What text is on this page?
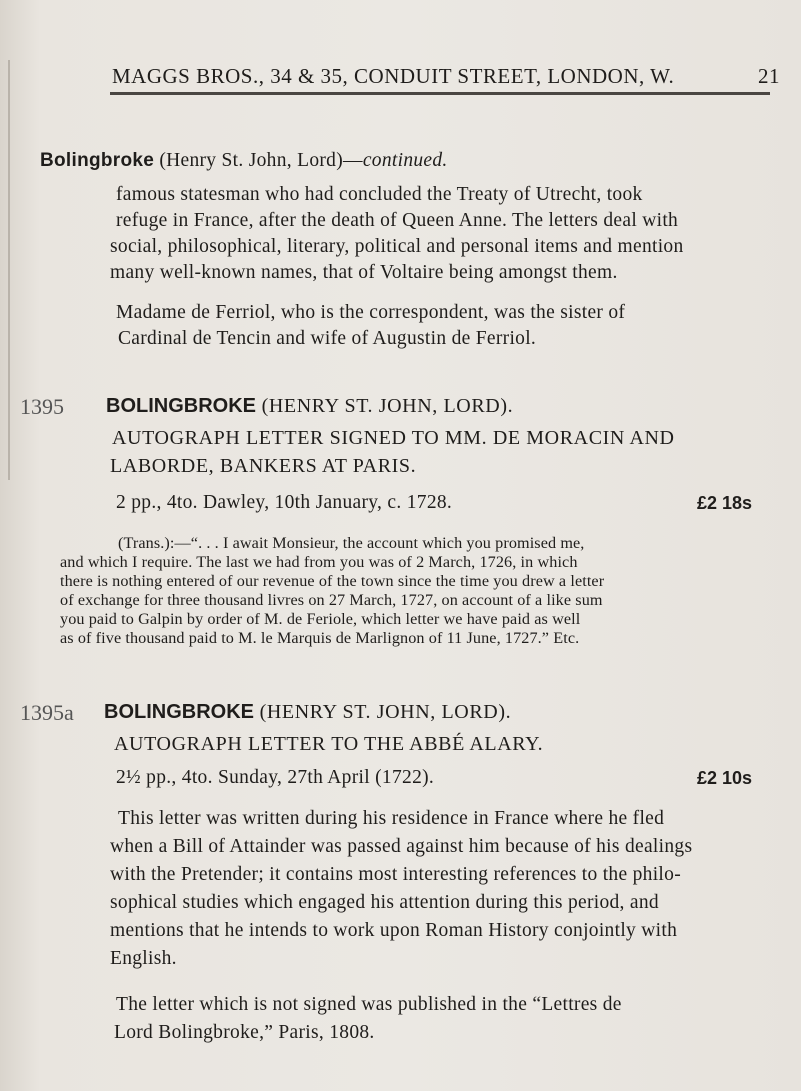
MAGGS BROS., 34 & 35, CONDUIT STREET, LONDON, W.	21
Bolingbroke (Henry St. John, Lord)—continued.
famous statesman who had concluded the Treaty of Utrecht, took
refuge in France, after the death of Queen Anne. The letters deal with
social, philosophical, literary, political and personal items and mention
many well-known names, that of Voltaire being amongst them.
Madame de Ferriol, who is the correspondent, was the sister of
Cardinal de Tencin and wife of Augustin de Ferriol.
1395 BOLINGBROKE (HENRY ST. JOHN, LORD).
AUTOGRAPH LETTER SIGNED TO MM. DE MORACIN AND
LABORDE, BANKERS AT PARIS.
2 pp., 4to. Dawley, 10th January, c. 1728.	£2 18s
(Trans.):—“. . . I await Monsieur, the account which you promised me,
and which I require. The last we had from you was of 2 March, 1726, in which
there is nothing entered of our revenue of the town since the time you drew a letter
of exchange for three thousand livres on 27 March, 1727, on account of a like sum
you paid to Galpin by order of M. de Feriole, which letter we have paid as well
as of five thousand paid to M. le Marquis de Marlignon of 11 June, 1727.” Etc.
1395a BOLINGBROKE (HENRY ST. JOHN, LORD).
AUTOGRAPH LETTER TO THE ABBÉ ALARY.
2½ pp., 4to. Sunday, 27th April (1722).	£2 10s
This letter was written during his residence in France where he fled
when a Bill of Attainder was passed against him because of his dealings
with the Pretender; it contains most interesting references to the philo-
sophical studies which engaged his attention during this period, and
mentions that he intends to work upon Roman History conjointly with
English.
The letter which is not signed was published in the “Lettres de
Lord Bolingbroke,” Paris, 1808.
